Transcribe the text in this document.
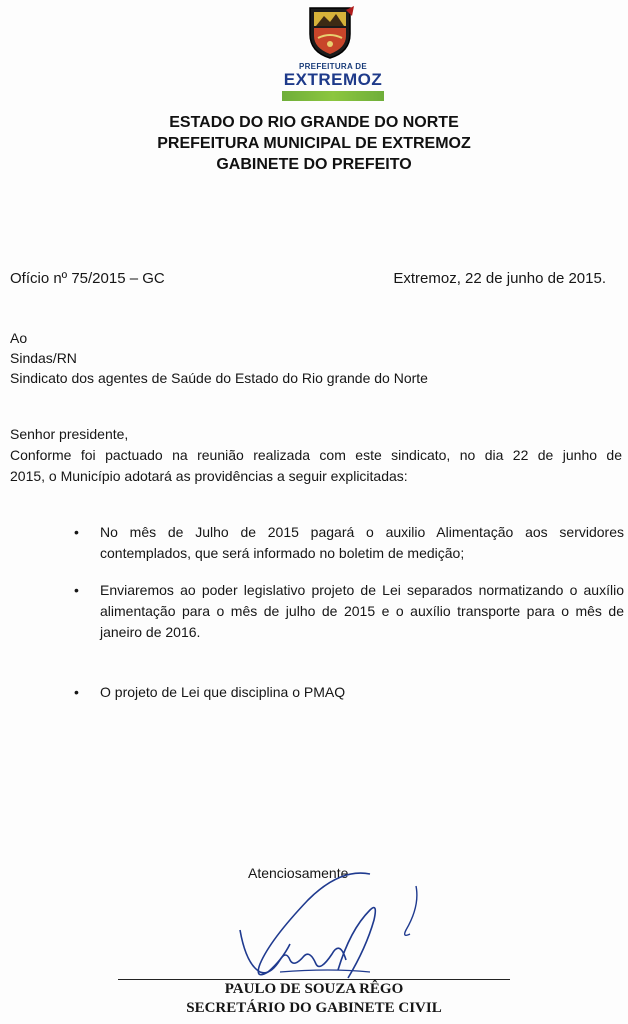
PREFEITURA DE
EXTREMOZ
ESTADO DO RIO GRANDE DO NORTE
PREFEITURA MUNICIPAL DE EXTREMOZ
GABINETE DO PREFEITO
Ofício nº 75/2015 – GC	Extremoz, 22 de junho de 2015.
Ao
Sindas/RN
Sindicato dos agentes de Saúde do Estado do Rio grande do Norte
Senhor presidente,
Conforme foi pactuado na reunião realizada com este sindicato, no dia 22 de junho de
2015, o Município adotará as providências a seguir explicitadas:
• No mês de Julho de 2015 pagará o auxilio Alimentação aos servidores contemplados, que será informado no boletim de medição;
• Enviaremos ao poder legislativo projeto de Lei separados normatizando o auxílio alimentação para o mês de julho de 2015 e o auxílio transporte para o mês de janeiro de 2016.
• O projeto de Lei que disciplina o PMAQ
Atenciosamente
PAULO DE SOUZA RÊGO
SECRETÁRIO DO GABINETE CIVIL
